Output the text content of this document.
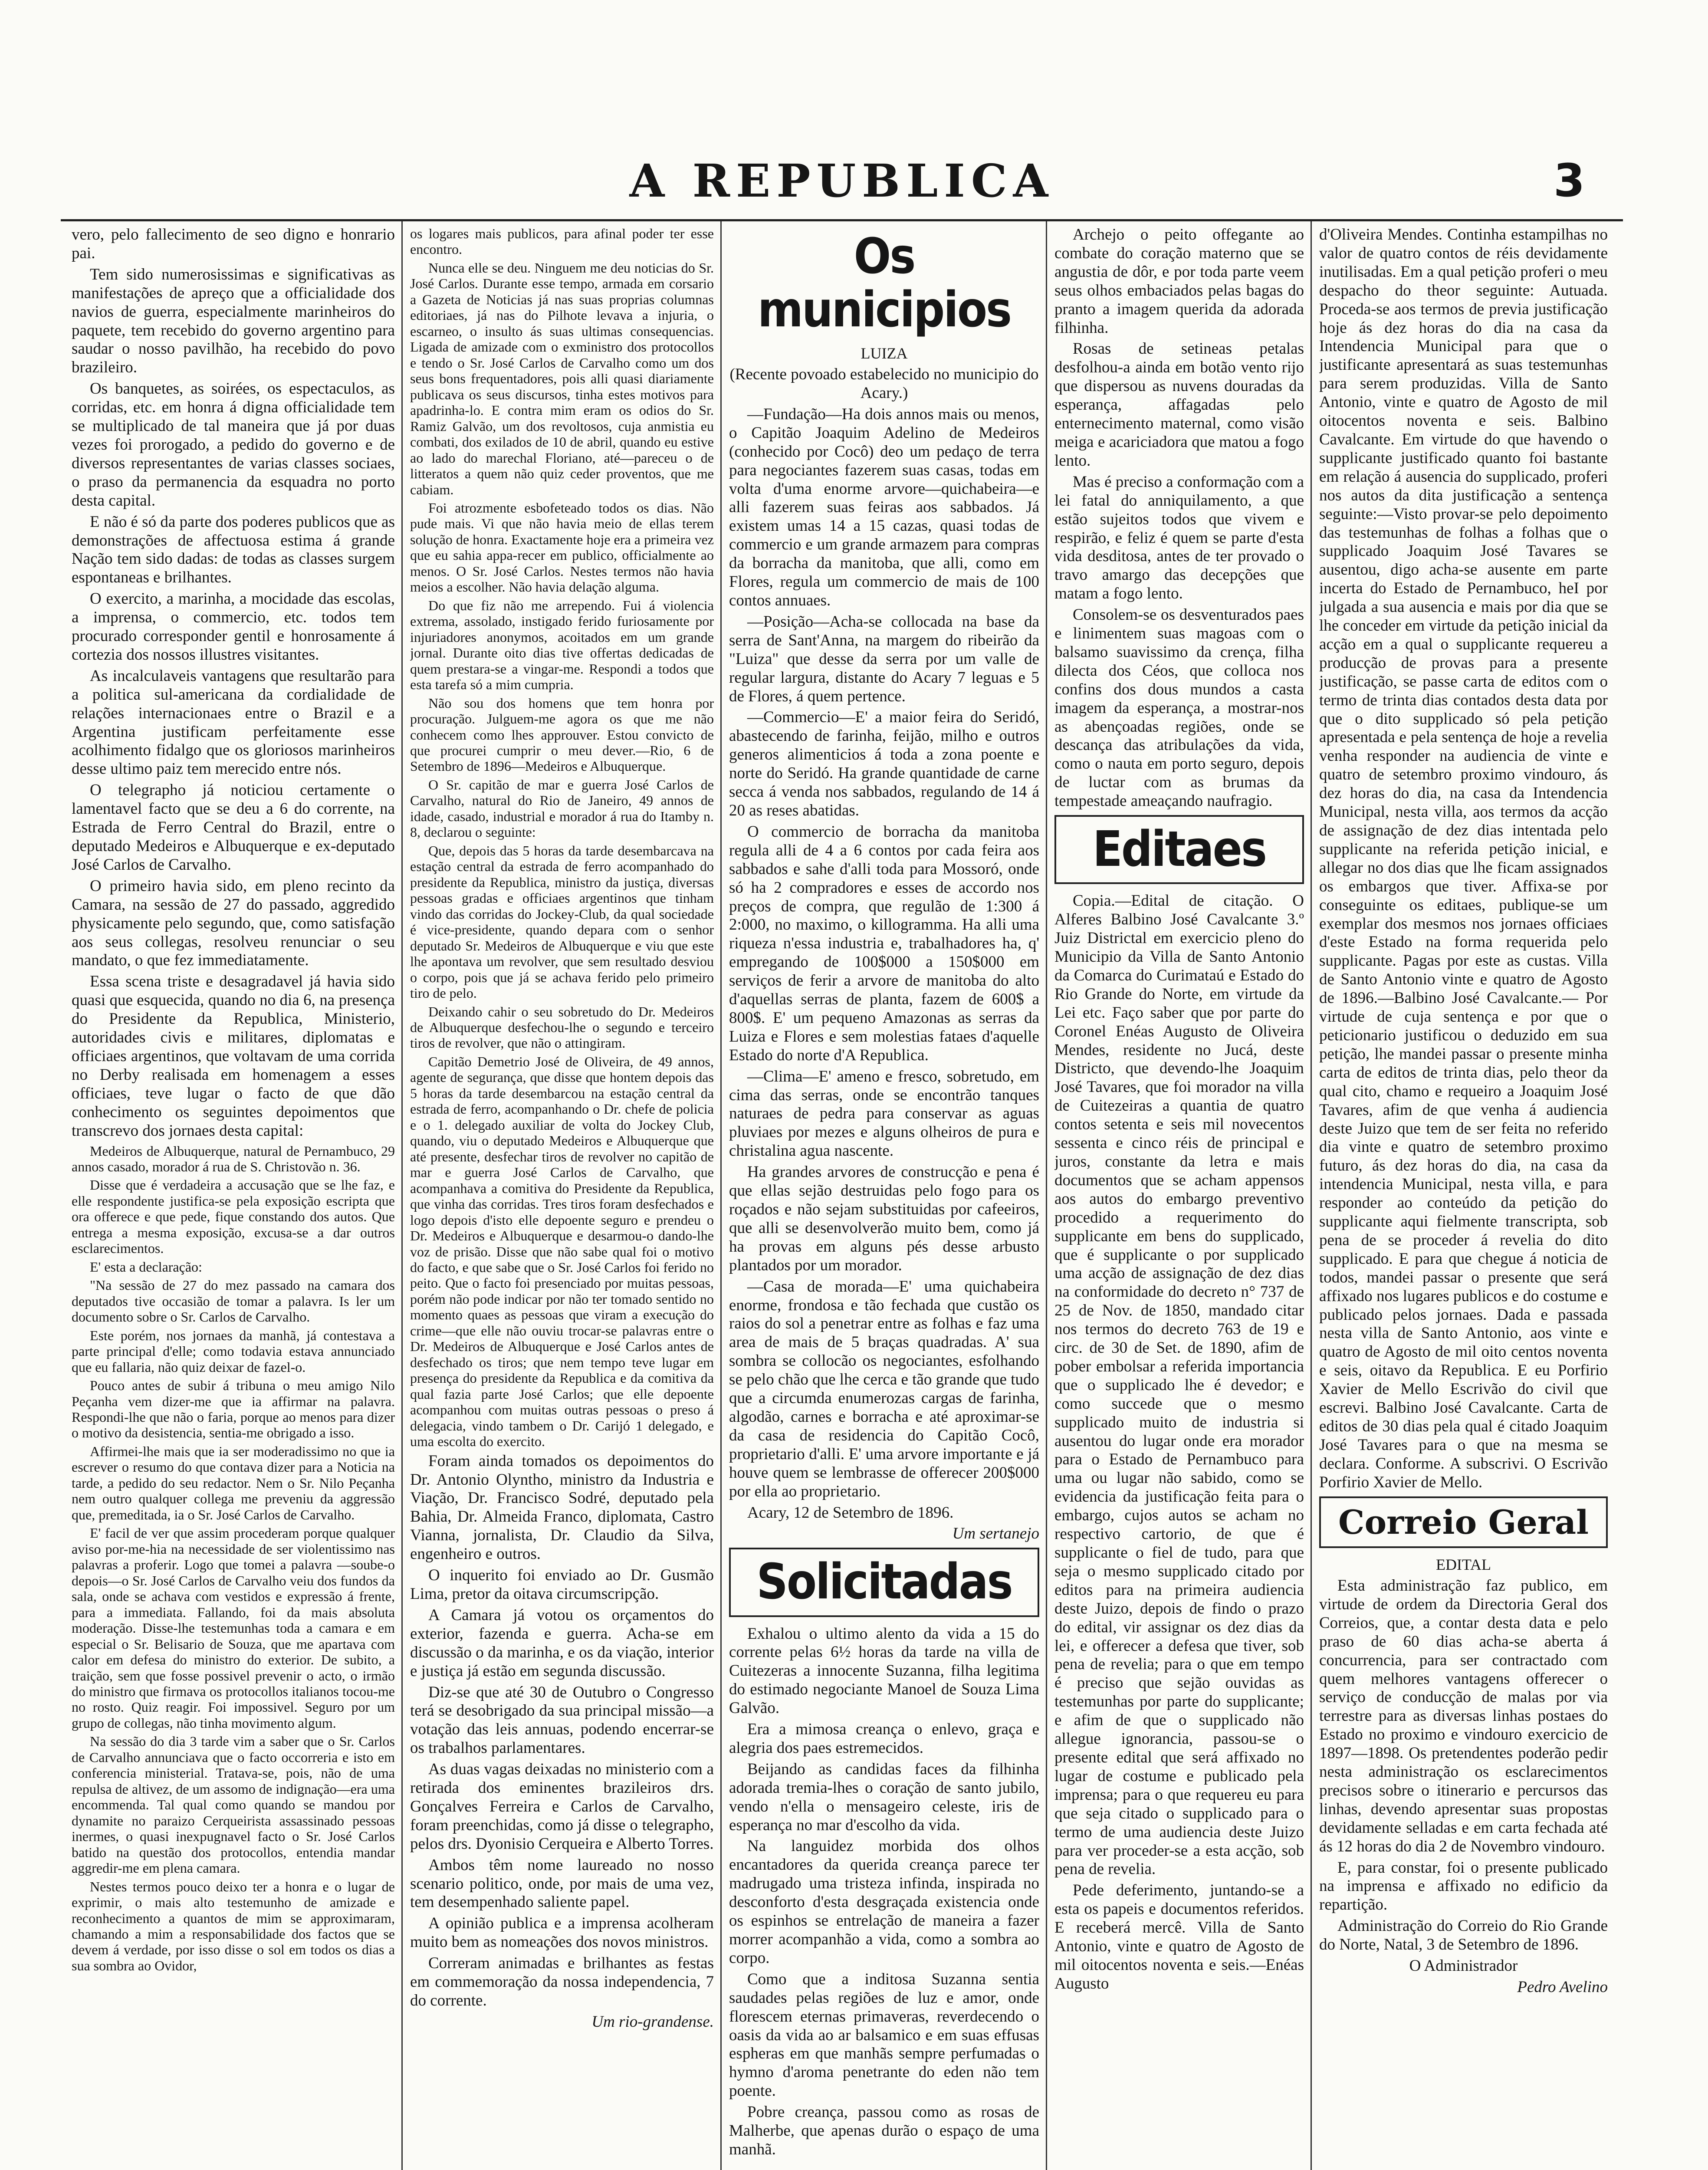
A REPUBLICA	3

vero, pelo fallecimento de seo digno e honrario pai.

Tem sido numerosissimas e significativas as manifestações de apreço que a officialidade dos navios de guerra, especialmente marinheiros do paquete, tem recebido do governo argentino para saudar o nosso pavilhão, ha recebido do povo brazileiro.

Os banquetes, as soirées, os espectaculos, as corridas, etc. em honra á digna officialidade tem se multiplicado de tal maneira que já por duas vezes foi prorogado, a pedido do governo e de diversos representantes de varias classes sociaes, o praso da permanencia da esquadra no porto desta capital.

E não é só da parte dos poderes publicos que as demonstrações de affectuosa estima á grande Nação tem sido dadas: de todas as classes surgem espontaneas e brilhantes.

O exercito, a marinha, a mocidade das escolas, a imprensa, o commercio, etc. todos tem procurado corresponder gentil e honrosamente á cortezia dos nossos illustres visitantes.

As incalculaveis vantagens que resultarão para a politica sul-americana da cordialidade de relações internacionaes entre o Brazil e a Argentina justificam perfeitamente esse acolhimento fidalgo que os gloriosos marinheiros desse ultimo paiz tem merecido entre nós.

O telegrapho já noticiou certamente o lamentavel facto que se deu a 6 do corrente, na Estrada de Ferro Central do Brazil, entre o deputado Medeiros e Albuquerque e ex-deputado José Carlos de Carvalho.

O primeiro havia sido, em pleno recinto da Camara, na sessão de 27 do passado, aggredido physicamente pelo segundo, que, como satisfação aos seus collegas, resolveu renunciar o seu mandato, o que fez immediatamente.

Essa scena triste e desagradavel já havia sido quasi que esquecida, quando no dia 6, na presença do Presidente da Republica, Ministerio, autoridades civis e militares, diplomatas e officiaes argentinos, que voltavam de uma corrida no Derby realisada em homenagem a esses officiaes, teve lugar o facto de que dão conhecimento os seguintes depoimentos que transcrevo dos jornaes desta capital:

Medeiros de Albuquerque, natural de Pernambuco, 29 annos casado, morador á rua de S. Christovão n. 36.

Disse que é verdadeira a accusação que se lhe faz, e elle respondente justifica-se pela exposição escripta que ora offerece e que pede, fique constando dos autos. Que entrega a mesma exposição, excusa-se a dar outros esclarecimentos.

E' esta a declaração:

"Na sessão de 27 do mez passado na camara dos deputados tive occasião de tomar a palavra. Is ler um documento sobre o Sr. Carlos de Carvalho.

Este porém, nos jornaes da manhã, já contestava a parte principal d'elle; como todavia estava annunciado que eu fallaria, não quiz deixar de fazel-o.

Pouco antes de subir á tribuna o meu amigo Nilo Peçanha vem dizer-me que ia affirmar na palavra. Respondi-lhe que não o faria, porque ao menos para dizer o motivo da desistencia, sentia-me obrigado a isso.

Affirmei-lhe mais que ia ser moderadissimo no que ia escrever o resumo do que contava dizer para a Noticia na tarde, a pedido do seu redactor. Nem o Sr. Nilo Peçanha nem outro qualquer collega me preveniu da aggressão que, premeditada, ia o Sr. José Carlos de Carvalho.

E' facil de ver que assim procederam porque qualquer aviso por-me-hia na necessidade de ser violentissimo nas palavras a proferir. Logo que tomei a palavra —soube-o depois—o Sr. José Carlos de Carvalho veiu dos fundos da sala, onde se achava com vestidos e expressão á frente, para a immediata. Fallando, foi da mais absoluta moderação. Disse-lhe testemunhas toda a camara e em especial o Sr. Belisario de Souza, que me apartava com calor em defesa do ministro do exterior. De subito, a traição, sem que fosse possivel prevenir o acto, o irmão do ministro que firmava os protocollos italianos tocou-me no rosto. Quiz reagir. Foi impossivel. Seguro por um grupo de collegas, não tinha movimento algum.

Na sessão do dia 3 tarde vim a saber que o Sr. Carlos de Carvalho annunciava que o facto occorreria e isto em conferencia ministerial. Tratava-se, pois, não de uma repulsa de altivez, de um assomo de indignação—era uma encommenda. Tal qual como quando se mandou por dynamite no paraizo Cerqueirista assassinado pessoas inermes, o quasi inexpugnavel facto o Sr. José Carlos batido na questão dos protocollos, entendia mandar aggredir-me em plena camara.

Nestes termos pouco deixo ter a honra e o lugar de exprimir, o mais alto testemunho de amizade e reconhecimento a quantos de mim se approximaram, chamando a mim a responsabilidade dos factos que se devem á verdade, por isso disse o sol em todos os dias a sua sombra ao Ovidor,

os logares mais publicos, para afinal poder ter esse encontro.

Nunca elle se deu. Ninguem me deu noticias do Sr. José Carlos. Durante esse tempo, armada em corsario a Gazeta de Noticias já nas suas proprias columnas editoriaes, já nas do Pilhote levava a injuria, o escarneo, o insulto ás suas ultimas consequencias. Ligada de amizade com o exministro dos protocollos e tendo o Sr. José Carlos de Carvalho como um dos seus bons frequentadores, pois alli quasi diariamente publicava os seus discursos, tinha estes motivos para apadrinha-lo. E contra mim eram os odios do Sr. Ramiz Galvão, um dos revoltosos, cuja anmistia eu combati, dos exilados de 10 de abril, quando eu estive ao lado do marechal Floriano, até—pareceu o de litteratos a quem não quiz ceder proventos, que me cabiam.

Foi atrozmente esbofeteado todos os dias. Não pude mais. Vi que não havia meio de ellas terem solução de honra. Exactamente hoje era a primeira vez que eu sahia appa-recer em publico, officialmente ao menos. O Sr. José Carlos. Nestes termos não havia meios a escolher. Não havia delação alguma.

Do que fiz não me arrependo. Fui á violencia extrema, assolado, instigado ferido furiosamente por injuriadores anonymos, acoitados em um grande jornal. Durante oito dias tive offertas dedicadas de quem prestara-se a vingar-me. Respondi a todos que esta tarefa só a mim cumpria.

Não sou dos homens que tem honra por procuração. Julguem-me agora os que me não conhecem como lhes approuver. Estou convicto de que procurei cumprir o meu dever.—Rio, 6 de Setembro de 1896—Medeiros e Albuquerque.

O Sr. capitão de mar e guerra José Carlos de Carvalho, natural do Rio de Janeiro, 49 annos de idade, casado, industrial e morador á rua do Itamby n. 8, declarou o seguinte:

Que, depois das 5 horas da tarde desembarcava na estação central da estrada de ferro acompanhado do presidente da Republica, ministro da justiça, diversas pessoas gradas e officiaes argentinos que tinham vindo das corridas do Jockey-Club, da qual sociedade é vice-presidente, quando depara com o senhor deputado Sr. Medeiros de Albuquerque e viu que este lhe apontava um revolver, que sem resultado desviou o corpo, pois que já se achava ferido pelo primeiro tiro de pelo.

Deixando cahir o seu sobretudo do Dr. Medeiros de Albuquerque desfechou-lhe o segundo e terceiro tiros de revolver, que não o attingiram.

Capitão Demetrio José de Oliveira, de 49 annos, agente de segurança, que disse que hontem depois das 5 horas da tarde desembarcou na estação central da estrada de ferro, acompanhando o Dr. chefe de policia e o 1. delegado auxiliar de volta do Jockey Club, quando, viu o deputado Medeiros e Albuquerque que até presente, desfechar tiros de revolver no capitão de mar e guerra José Carlos de Carvalho, que acompanhava a comitiva do Presidente da Republica, que vinha das corridas. Tres tiros foram desfechados e logo depois d'isto elle depoente seguro e prendeu o Dr. Medeiros e Albuquerque e desarmou-o dando-lhe voz de prisão. Disse que não sabe qual foi o motivo do facto, e que sabe que o Sr. José Carlos foi ferido no peito. Que o facto foi presenciado por muitas pessoas, porém não pode indicar por não ter tomado sentido no momento quaes as pessoas que viram a execução do crime—que elle não ouviu trocar-se palavras entre o Dr. Medeiros de Albuquerque e José Carlos antes de desfechado os tiros; que nem tempo teve lugar em presença do presidente da Republica e da comitiva da qual fazia parte José Carlos; que elle depoente acompanhou com muitas outras pessoas o preso á delegacia, vindo tambem o Dr. Carijó 1 delegado, e uma escolta do exercito.

Foram ainda tomados os depoimentos do Dr. Antonio Olyntho, ministro da Industria e Viação, Dr. Francisco Sodré, deputado pela Bahia, Dr. Almeida Franco, diplomata, Castro Vianna, jornalista, Dr. Claudio da Silva, engenheiro e outros.

O inquerito foi enviado ao Dr. Gusmão Lima, pretor da oitava circumscripção.

A Camara já votou os orçamentos do exterior, fazenda e guerra. Acha-se em discussão o da marinha, e os da viação, interior e justiça já estão em segunda discussão.

Diz-se que até 30 de Outubro o Congresso terá se desobrigado da sua principal missão—a votação das leis annuas, podendo encerrar-se os trabalhos parlamentares.

As duas vagas deixadas no ministerio com a retirada dos eminentes brazileiros drs. Gonçalves Ferreira e Carlos de Carvalho, foram preenchidas, como já disse o telegrapho, pelos drs. Dyonisio Cerqueira e Alberto Torres.

Ambos têm nome laureado no nosso scenario politico, onde, por mais de uma vez, tem desempenhado saliente papel.

A opinião publica e a imprensa acolheram muito bem as nomeações dos novos ministros.

Correram animadas e brilhantes as festas em commemoração da nossa independencia, 7 do corrente.

Um rio-grandense.

Os municipios
LUIZA

(Recente povoado estabelecido no municipio do Acary.)

—Fundação—Ha dois annos mais ou menos, o Capitão Joaquim Adelino de Medeiros (conhecido por Cocô) deo um pedaço de terra para negociantes fazerem suas casas, todas em volta d'uma enorme arvore—quichabeira—e alli fazerem suas feiras aos sabbados. Já existem umas 14 a 15 cazas, quasi todas de commercio e um grande armazem para compras da borracha da manitoba, que alli, como em Flores, regula um commercio de mais de 100 contos annuaes.

—Posição—Acha-se collocada na base da serra de Sant'Anna, na margem do ribeirão da "Luiza" que desse da serra por um valle de regular largura, distante do Acary 7 leguas e 5 de Flores, á quem pertence.

—Commercio—E' a maior feira do Seridó, abastecendo de farinha, feijão, milho e outros generos alimenticios á toda a zona poente e norte do Seridó. Ha grande quantidade de carne secca á venda nos sabbados, regulando de 14 á 20 as reses abatidas.

O commercio de borracha da manitoba regula alli de 4 a 6 contos por cada feira aos sabbados e sahe d'alli toda para Mossoró, onde só ha 2 compradores e esses de accordo nos preços de compra, que regulão de 1:300 á 2:000, no maximo, o killogramma. Ha alli uma riqueza n'essa industria e, trabalhadores ha, q' empregando de 100$000 a 150$000 em serviços de ferir a arvore de manitoba do alto d'aquellas serras de planta, fazem de 600$ a 800$. E' um pequeno Amazonas as serras da Luiza e Flores e sem molestias fataes d'aquelle Estado do norte d'A Republica.

—Clima—E' ameno e fresco, sobretudo, em cima das serras, onde se encontrão tanques naturaes de pedra para conservar as aguas pluviaes por mezes e alguns olheiros de pura e christalina agua nascente.

Ha grandes arvores de construcção e pena é que ellas sejão destruidas pelo fogo para os roçados e não sejam substituidas por cafeeiros, que alli se desenvolverão muito bem, como já ha provas em alguns pés desse arbusto plantados por um morador.

—Casa de morada—E' uma quichabeira enorme, frondosa e tão fechada que custão os raios do sol a penetrar entre as folhas e faz uma area de mais de 5 braças quadradas. A' sua sombra se collocão os negociantes, esfolhando se pelo chão que lhe cerca e tão grande que tudo que a circumda enumerozas cargas de farinha, algodão, carnes e borracha e até aproximar-se da casa de residencia do Capitão Cocô, proprietario d'alli. E' uma arvore importante e já houve quem se lembrasse de offerecer 200$000 por ella ao proprietario.

Acary, 12 de Setembro de 1896.

Um sertanejo

Solicitadas

Exhalou o ultimo alento da vida a 15 do corrente pelas 6½ horas da tarde na villa de Cuitezeras a innocente Suzanna, filha legitima do estimado negociante Manoel de Souza Lima Galvão.

Era a mimosa creança o enlevo, graça e alegria dos paes estremecidos.

Beijando as candidas faces da filhinha adorada tremia-lhes o coração de santo jubilo, vendo n'ella o mensageiro celeste, iris de esperança no mar d'escolho da vida.

Na languidez morbida dos olhos encantadores da querida creança parece ter madrugado uma tristeza infinda, inspirada no desconforto d'esta desgraçada existencia onde os espinhos se entrelação de maneira a fazer morrer acompanhão a vida, como a sombra ao corpo.

Como que a inditosa Suzanna sentia saudades pelas regiões de luz e amor, onde florescem eternas primaveras, reverdecendo o oasis da vida ao ar balsamico e em suas effusas espheras em que manhãs sempre perfumadas o hymno d'aroma penetrante do eden não tem poente.

Pobre creança, passou como as rosas de Malherbe, que apenas durão o espaço de uma manhã.

Archejo o peito offegante ao combate do coração materno que se angustia de dôr, e por toda parte veem seus olhos embaciados pelas bagas do pranto a imagem querida da adorada filhinha.

Rosas de setineas petalas desfolhou-a ainda em botão vento rijo que dispersou as nuvens douradas da esperança, affagadas pelo enternecimento maternal, como visão meiga e acariciadora que matou a fogo lento.

Mas é preciso a conformação com a lei fatal do anniquilamento, a que estão sujeitos todos que vivem e respirão, e feliz é quem se parte d'esta vida desditosa, antes de ter provado o travo amargo das decepções que matam a fogo lento.

Consolem-se os desventurados paes e linimentem suas magoas com o balsamo suavissimo da crença, filha dilecta dos Céos, que colloca nos confins dos dous mundos a casta imagem da esperança, a mostrar-nos as abençoadas regiões, onde se descança das atribulações da vida, como o nauta em porto seguro, depois de luctar com as brumas da tempestade ameaçando naufragio.

Editaes

Copia.—Edital de citação. O Alferes Balbino José Cavalcante 3.º Juiz Districtal em exercicio pleno do Municipio da Villa de Santo Antonio da Comarca do Curimataú e Estado do Rio Grande do Norte, em virtude da Lei etc. Faço saber que por parte do Coronel Enéas Augusto de Oliveira Mendes, residente no Jucá, deste Districto, que devendo-lhe Joaquim José Tavares, que foi morador na villa de Cuitezeiras a quantia de quatro contos setenta e seis mil novecentos sessenta e cinco réis de principal e juros, constante da letra e mais documentos que se acham appensos aos autos do embargo preventivo procedido a requerimento do supplicante em bens do supplicado, que é supplicante o por supplicado uma acção de assignação de dez dias na conformidade do decreto n° 737 de 25 de Nov. de 1850, mandado citar nos termos do decreto 763 de 19 e circ. de 30 de Set. de 1890, afim de pober embolsar a referida importancia que o supplicado lhe é devedor; e como succede que o mesmo supplicado muito de industria si ausentou do lugar onde era morador para o Estado de Pernambuco para uma ou lugar não sabido, como se evidencia da justificação feita para o embargo, cujos autos se acham no respectivo cartorio, de que é supplicante o fiel de tudo, para que seja o mesmo supplicado citado por editos para na primeira audiencia deste Juizo, depois de findo o prazo do edital, vir assignar os dez dias da lei, e offerecer a defesa que tiver, sob pena de revelia; para o que em tempo é preciso que sejão ouvidas as testemunhas por parte do supplicante; e afim de que o supplicado não allegue ignorancia, passou-se o presente edital que será affixado no lugar de costume e publicado pela imprensa; para o que requereu eu para que seja citado o supplicado para o termo de uma audiencia deste Juizo para ver proceder-se a esta acção, sob pena de revelia.

Pede deferimento, juntando-se a esta os papeis e documentos referidos. E receberá mercê. Villa de Santo Antonio, vinte e quatro de Agosto de mil oitocentos noventa e seis.—Enéas Augusto

d'Oliveira Mendes. Continha estampilhas no valor de quatro contos de réis devidamente inutilisadas. Em a qual petição proferi o meu despacho do theor seguinte: Autuada. Proceda-se aos termos de previa justificação hoje ás dez horas do dia na casa da Intendencia Municipal para que o justificante apresentará as suas testemunhas para serem produzidas. Villa de Santo Antonio, vinte e quatro de Agosto de mil oitocentos noventa e seis. Balbino Cavalcante. Em virtude do que havendo o supplicante justificado quanto foi bastante em relação á ausencia do supplicado, proferi nos autos da dita justificação a sentença seguinte:—Visto provar-se pelo depoimento das testemunhas de folhas a folhas que o supplicado Joaquim José Tavares se ausentou, digo acha-se ausente em parte incerta do Estado de Pernambuco, heI por julgada a sua ausencia e mais por dia que se lhe conceder em virtude da petição inicial da acção em a qual o supplicante requereu a producção de provas para a presente justificação, se passe carta de editos com o termo de trinta dias contados desta data por que o dito supplicado só pela petição apresentada e pela sentença de hoje a revelia venha responder na audiencia de vinte e quatro de setembro proximo vindouro, ás dez horas do dia, na casa da Intendencia Municipal, nesta villa, aos termos da acção de assignação de dez dias intentada pelo supplicante na referida petição inicial, e allegar no dos dias que lhe ficam assignados os embargos que tiver. Affixa-se por conseguinte os editaes, publique-se um exemplar dos mesmos nos jornaes officiaes d'este Estado na forma requerida pelo supplicante. Pagas por este as custas. Villa de Santo Antonio vinte e quatro de Agosto de 1896.—Balbino José Cavalcante.— Por virtude de cuja sentença e por que o peticionario justificou o deduzido em sua petição, lhe mandei passar o presente minha carta de editos de trinta dias, pelo theor da qual cito, chamo e requeiro a Joaquim José Tavares, afim de que venha á audiencia deste Juizo que tem de ser feita no referido dia vinte e quatro de setembro proximo futuro, ás dez horas do dia, na casa da intendencia Municipal, nesta villa, e para responder ao conteúdo da petição do supplicante aqui fielmente transcripta, sob pena de se proceder á revelia do dito supplicado. E para que chegue á noticia de todos, mandei passar o presente que será affixado nos lugares publicos e do costume e publicado pelos jornaes. Dada e passada nesta villa de Santo Antonio, aos vinte e quatro de Agosto de mil oito centos noventa e seis, oitavo da Republica. E eu Porfirio Xavier de Mello Escrivão do civil que escrevi. Balbino José Cavalcante. Carta de editos de 30 dias pela qual é citado Joaquim José Tavares para o que na mesma se declara. Conforme. A subscrivi. O Escrivão Porfirio Xavier de Mello.

Correio Geral
EDITAL

Esta administração faz publico, em virtude de ordem da Directoria Geral dos Correios, que, a contar desta data e pelo praso de 60 dias acha-se aberta á concurrencia, para ser contractado com quem melhores vantagens offerecer o serviço de conducção de malas por via terrestre para as diversas linhas postaes do Estado no proximo e vindouro exercicio de 1897—1898. Os pretendentes poderão pedir nesta administração os esclarecimentos precisos sobre o itinerario e percursos das linhas, devendo apresentar suas propostas devidamente selladas e em carta fechada até ás 12 horas do dia 2 de Novembro vindouro.

E, para constar, foi o presente publicado na imprensa e affixado no edificio da repartição.

Administração do Correio do Rio Grande do Norte, Natal, 3 de Setembro de 1896.

O Administrador

Pedro Avelino
